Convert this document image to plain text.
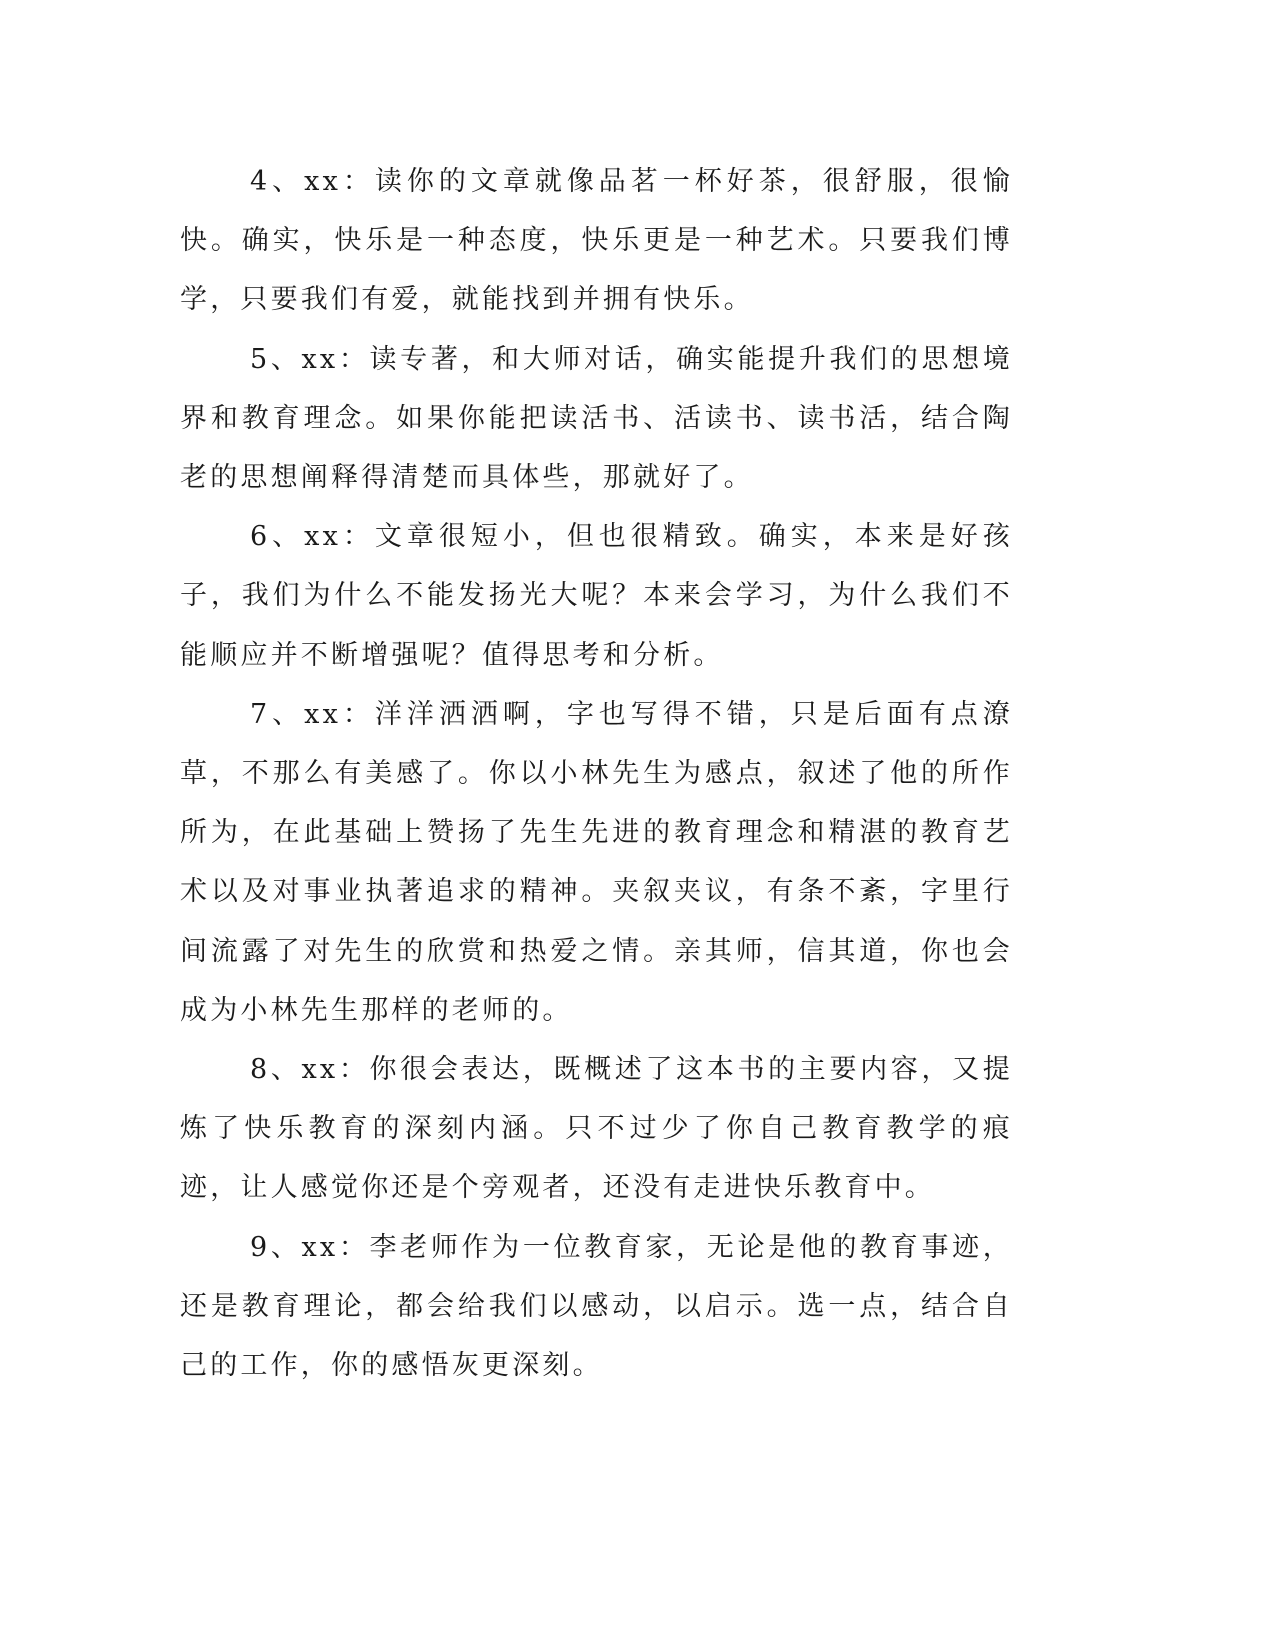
4、xx：读你的文章就像品茗一杯好茶，很舒服，很愉快。确实，快乐是一种态度，快乐更是一种艺术。只要我们博学，只要我们有爱，就能找到并拥有快乐。

5、xx：读专著，和大师对话，确实能提升我们的思想境界和教育理念。如果你能把读活书、活读书、读书活，结合陶老的思想阐释得清楚而具体些，那就好了。

6、xx：文章很短小，但也很精致。确实，本来是好孩子，我们为什么不能发扬光大呢？本来会学习，为什么我们不能顺应并不断增强呢？值得思考和分析。

7、xx：洋洋洒洒啊，字也写得不错，只是后面有点潦草，不那么有美感了。你以小林先生为感点，叙述了他的所作所为，在此基础上赞扬了先生先进的教育理念和精湛的教育艺术以及对事业执著追求的精神。夹叙夹议，有条不紊，字里行间流露了对先生的欣赏和热爱之情。亲其师，信其道，你也会成为小林先生那样的老师的。

8、xx：你很会表达，既概述了这本书的主要内容，又提炼了快乐教育的深刻内涵。只不过少了你自己教育教学的痕迹，让人感觉你还是个旁观者，还没有走进快乐教育中。

9、xx：李老师作为一位教育家，无论是他的教育事迹，还是教育理论，都会给我们以感动，以启示。选一点，结合自己的工作，你的感悟灰更深刻。
